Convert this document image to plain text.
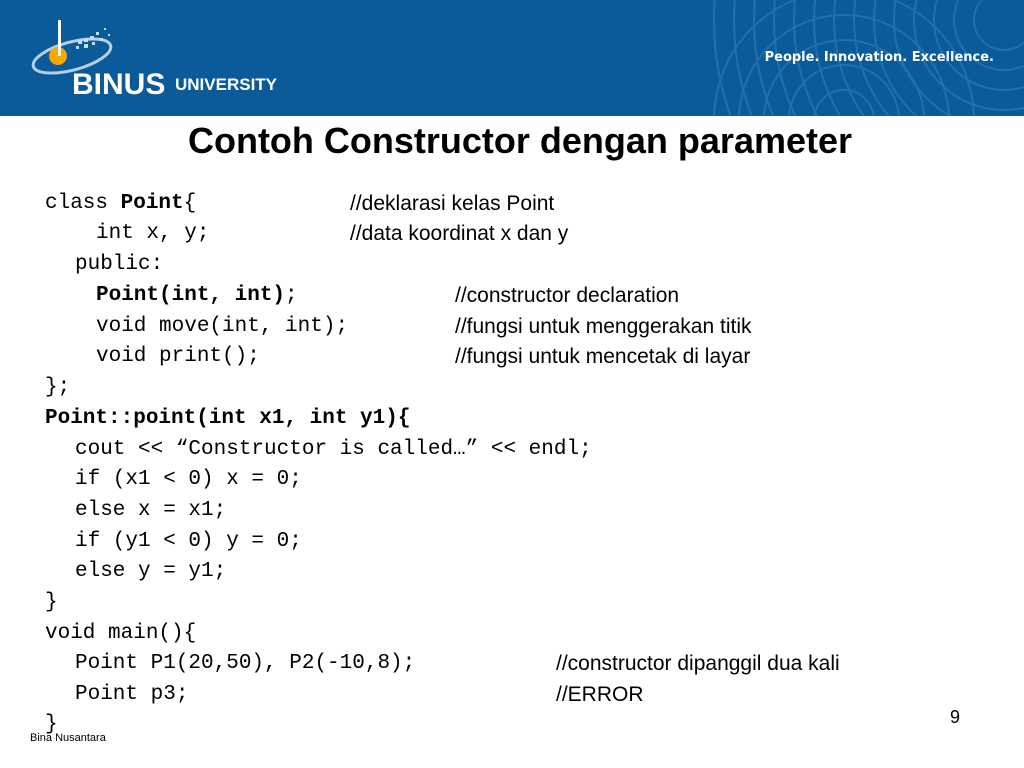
BINUS UNIVERSITY
People. Innovation. Excellence.
Contoh Constructor dengan parameter
class Point{	//deklarasi kelas Point
int x, y;	//data koordinat x dan y
public:
Point(int, int);	//constructor declaration
void move(int, int);	//fungsi untuk menggerakan titik
void print();	//fungsi untuk mencetak di layar
};
Point::point(int x1, int y1){
cout << “Constructor is called…” << endl;
if (x1 < 0) x = 0;
else x = x1;
if (y1 < 0) y = 0;
else y = y1;
}
void main(){
Point P1(20,50), P2(-10,8);	//constructor dipanggil dua kali
Point p3;	//ERROR
}	9
Bina Nusantara
